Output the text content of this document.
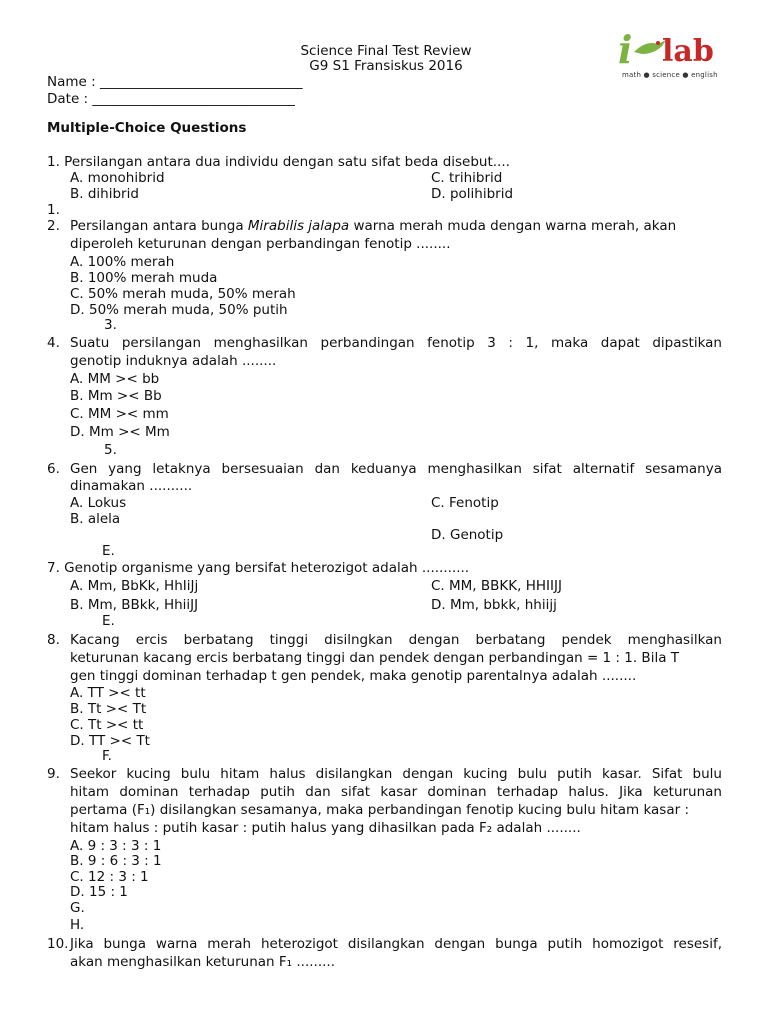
Science Final Test Review
G9 S1 Fransiskus 2016	i lab
math ● science ● english
Name : ______________________________
Date : ______________________________
Multiple-Choice Questions
1. Persilangan antara dua individu dengan satu sifat beda disebut....
A. monohibrid	C. trihibrid
B. dihibrid	D. polihibrid
1.
2. Persilangan antara bunga Mirabilis jalapa warna merah muda dengan warna merah, akan
diperoleh keturunan dengan perbandingan fenotip ........
A. 100% merah
B. 100% merah muda
C. 50% merah muda, 50% merah
D. 50% merah muda, 50% putih
3.
4. Suatu persilangan menghasilkan perbandingan fenotip 3 : 1, maka dapat dipastikan
genotip induknya adalah ........
A. MM >< bb
B. Mm >< Bb
C. MM >< mm
D. Mm >< Mm
5.
6. Gen yang letaknya bersesuaian dan keduanya menghasilkan sifat alternatif sesamanya
dinamakan ..........
A. Lokus	C. Fenotip
B. alela
D. Genotip
E.
7. Genotip organisme yang bersifat heterozigot adalah ...........
A. Mm, BbKk, HhIiJj	C. MM, BBKK, HHIIJJ
B. Mm, BBkk, HhiiJJ	D. Mm, bbkk, hhiijj
E.
8. Kacang ercis berbatang tinggi disilngkan dengan berbatang pendek menghasilkan
keturunan kacang ercis berbatang tinggi dan pendek dengan perbandingan = 1 : 1. Bila T
gen tinggi dominan terhadap t gen pendek, maka genotip parentalnya adalah ........
A. TT >< tt
B. Tt >< Tt
C. Tt >< tt
D. TT >< Tt
F.
9. Seekor kucing bulu hitam halus disilangkan dengan kucing bulu putih kasar. Sifat bulu
hitam dominan terhadap putih dan sifat kasar dominan terhadap halus. Jika keturunan
pertama (F₁) disilangkan sesamanya, maka perbandingan fenotip kucing bulu hitam kasar :
hitam halus : putih kasar : putih halus yang dihasilkan pada F₂ adalah ........
A. 9 : 3 : 3 : 1
B. 9 : 6 : 3 : 1
C. 12 : 3 : 1
D. 15 : 1
G.
H.
10. Jika bunga warna merah heterozigot disilangkan dengan bunga putih homozigot resesif,
akan menghasilkan keturunan F₁ .........
